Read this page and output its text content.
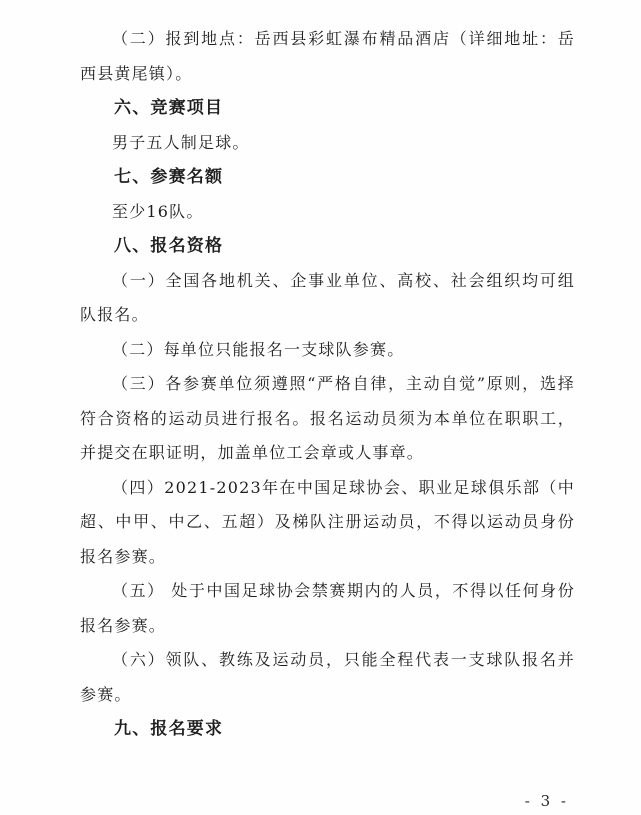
（二）报到地点：岳西县彩虹瀑布精品酒店（详细地址：岳西县黄尾镇）。

六、竞赛项目

男子五人制足球。

七、参赛名额

至少16队。

八、报名资格

（一）全国各地机关、企事业单位、高校、社会组织均可组队报名。

（二）每单位只能报名一支球队参赛。

（三）各参赛单位须遵照“严格自律，主动自觉”原则，选择符合资格的运动员进行报名。报名运动员须为本单位在职职工，并提交在职证明，加盖单位工会章或人事章。

（四）2021-2023年在中国足球协会、职业足球俱乐部（中超、中甲、中乙、五超）及梯队注册运动员，不得以运动员身份报名参赛。

（五） 处于中国足球协会禁赛期内的人员，不得以任何身份报名参赛。

（六）领队、教练及运动员，只能全程代表一支球队报名并参赛。

九、报名要求

- 3 -
